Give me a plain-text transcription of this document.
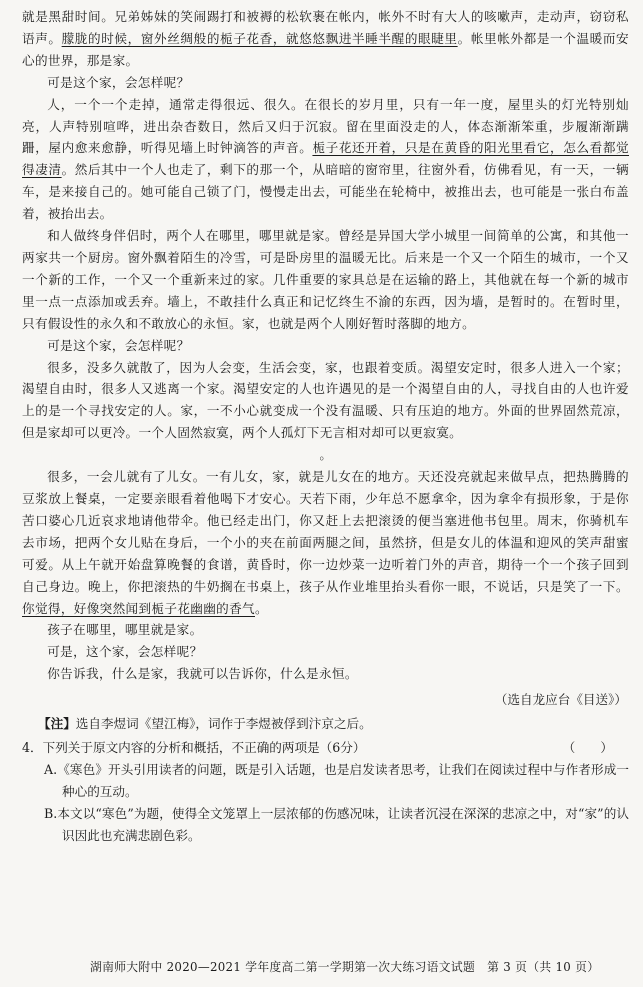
就是黑甜时间。兄弟姊妹的笑闹踢打和被褥的松软裹在帐内，帐外不时有大人的咳嗽声，走动声，窃窃私语声。朦胧的时候，窗外丝绸般的栀子花香，就悠悠飘进半睡半醒的眼睫里。帐里帐外都是一个温暖而安心的世界，那是家。

可是这个家，会怎样呢？

人，一个一个走掉，通常走得很远、很久。在很长的岁月里，只有一年一度，屋里头的灯光特别灿亮，人声特别喧哗，进出杂杳数日，然后又归于沉寂。留在里面没走的人，体态渐渐笨重，步履渐渐蹒跚，屋内愈来愈静，听得见墙上时钟滴答的声音。栀子花还开着，只是在黄昏的阳光里看它，怎么看都觉得凄清。然后其中一个人也走了，剩下的那一个，从暗暗的窗帘里，往窗外看，仿佛看见，有一天，一辆车，是来接自己的。她可能自己锁了门，慢慢走出去，可能坐在轮椅中，被推出去，也可能是一张白布盖着，被抬出去。

和人做终身伴侣时，两个人在哪里，哪里就是家。曾经是异国大学小城里一间简单的公寓，和其他一两家共一个厨房。窗外飘着陌生的冷雪，可是卧房里的温暖无比。后来是一个又一个陌生的城市，一个又一个新的工作，一个又一个重新来过的家。几件重要的家具总是在运输的路上，其他就在每一个新的城市里一点一点添加或丢弃。墙上，不敢挂什么真正和记忆终生不渝的东西，因为墙，是暂时的。在暂时里，只有假设性的永久和不敢放心的永恒。家，也就是两个人刚好暂时落脚的地方。

可是这个家，会怎样呢？

很多，没多久就散了，因为人会变，生活会变，家，也跟着变质。渴望安定时，很多人进入一个家；渴望自由时，很多人又逃离一个家。渴望安定的人也许遇见的是一个渴望自由的人，寻找自由的人也许爱上的是一个寻找安定的人。家，一不小心就变成一个没有温暖、只有压迫的地方。外面的世界固然荒凉，但是家却可以更冷。一个人固然寂寞，两个人孤灯下无言相对却可以更寂寞。

。

很多，一会儿就有了儿女。一有儿女，家，就是儿女在的地方。天还没亮就起来做早点，把热腾腾的豆浆放上餐桌，一定要亲眼看着他喝下才安心。天若下雨，少年总不愿拿伞，因为拿伞有损形象，于是你苦口婆心几近哀求地请他带伞。他已经走出门，你又赶上去把滚烫的便当塞进他书包里。周末，你骑机车去市场，把两个女儿贴在身后，一个小的夹在前面两腿之间，虽然挤，但是女儿的体温和迎风的笑声甜蜜可爱。从上午就开始盘算晚餐的食谱，黄昏时，你一边炒菜一边听着门外的声音，期待一个一个孩子回到自己身边。晚上，你把滚热的牛奶搁在书桌上，孩子从作业堆里抬头看你一眼，不说话，只是笑了一下。你觉得，好像突然闻到栀子花幽幽的香气。

孩子在哪里，哪里就是家。

可是，这个家，会怎样呢？

你告诉我，什么是家，我就可以告诉你，什么是永恒。

（选自龙应台《目送》）

【注】选自李煜词《望江梅》，词作于李煜被俘到汴京之后。

4．下列关于原文内容的分析和概括，不正确的两项是（6分）	（　　）

A.《寒色》开头引用读者的问题，既是引入话题，也是启发读者思考，让我们在阅读过程中与作者形成一种心的互动。

B.本文以“寒色”为题，使得全文笼罩上一层浓郁的伤感况味，让读者沉浸在深深的悲凉之中，对“家”的认识因此也充满悲剧色彩。

湖南师大附中 2020—2021 学年度高二第一学期第一次大练习语文试题　第 3 页（共 10 页）
